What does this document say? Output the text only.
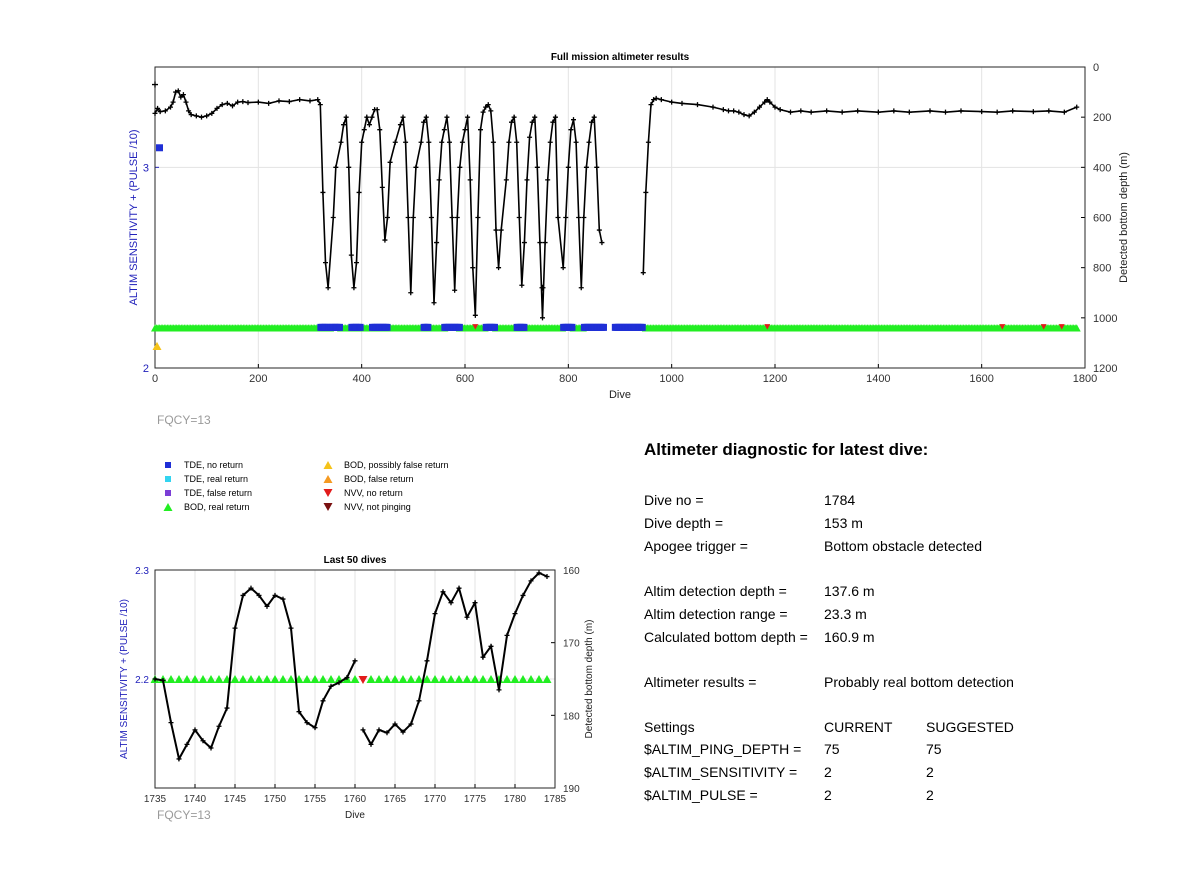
0	200	400	600	800	1000	1200	1400	1600	1800
2
3
0
200
400
600
800
1000
1200
Full mission altimeter results
Dive
ALTIM SENSITIVITY + (PULSE /10)	Detected bottom depth (m)
1735 1740 1745 1750 1755 1760 1765 1770 1775 1780 1785
2.2
2.3	160
170
180
190
Last 50 dives
Dive
ALTIM SENSITIVITY + (PULSE /10)	Detected bottom depth (m)
FQCY=13
FQCY=13
TDE, no return
TDE, real return
TDE, false return
BOD, real return
BOD, possibly false return
BOD, false return
NVV, no return
NVV, not pinging
Altimeter diagnostic for latest dive:
Dive no =	1784
Dive depth =	153 m
Apogee trigger =	Bottom obstacle detected
Altim detection depth =	137.6 m
Altim detection range =	23.3 m
Calculated bottom depth = 160.9 m
Altimeter results =	Probably real bottom detection
Settings	CURRENT SUGGESTED
$ALTIM_PING_DEPTH = 75	75
$ALTIM_SENSITIVITY = 2	2
$ALTIM_PULSE =	2	2
